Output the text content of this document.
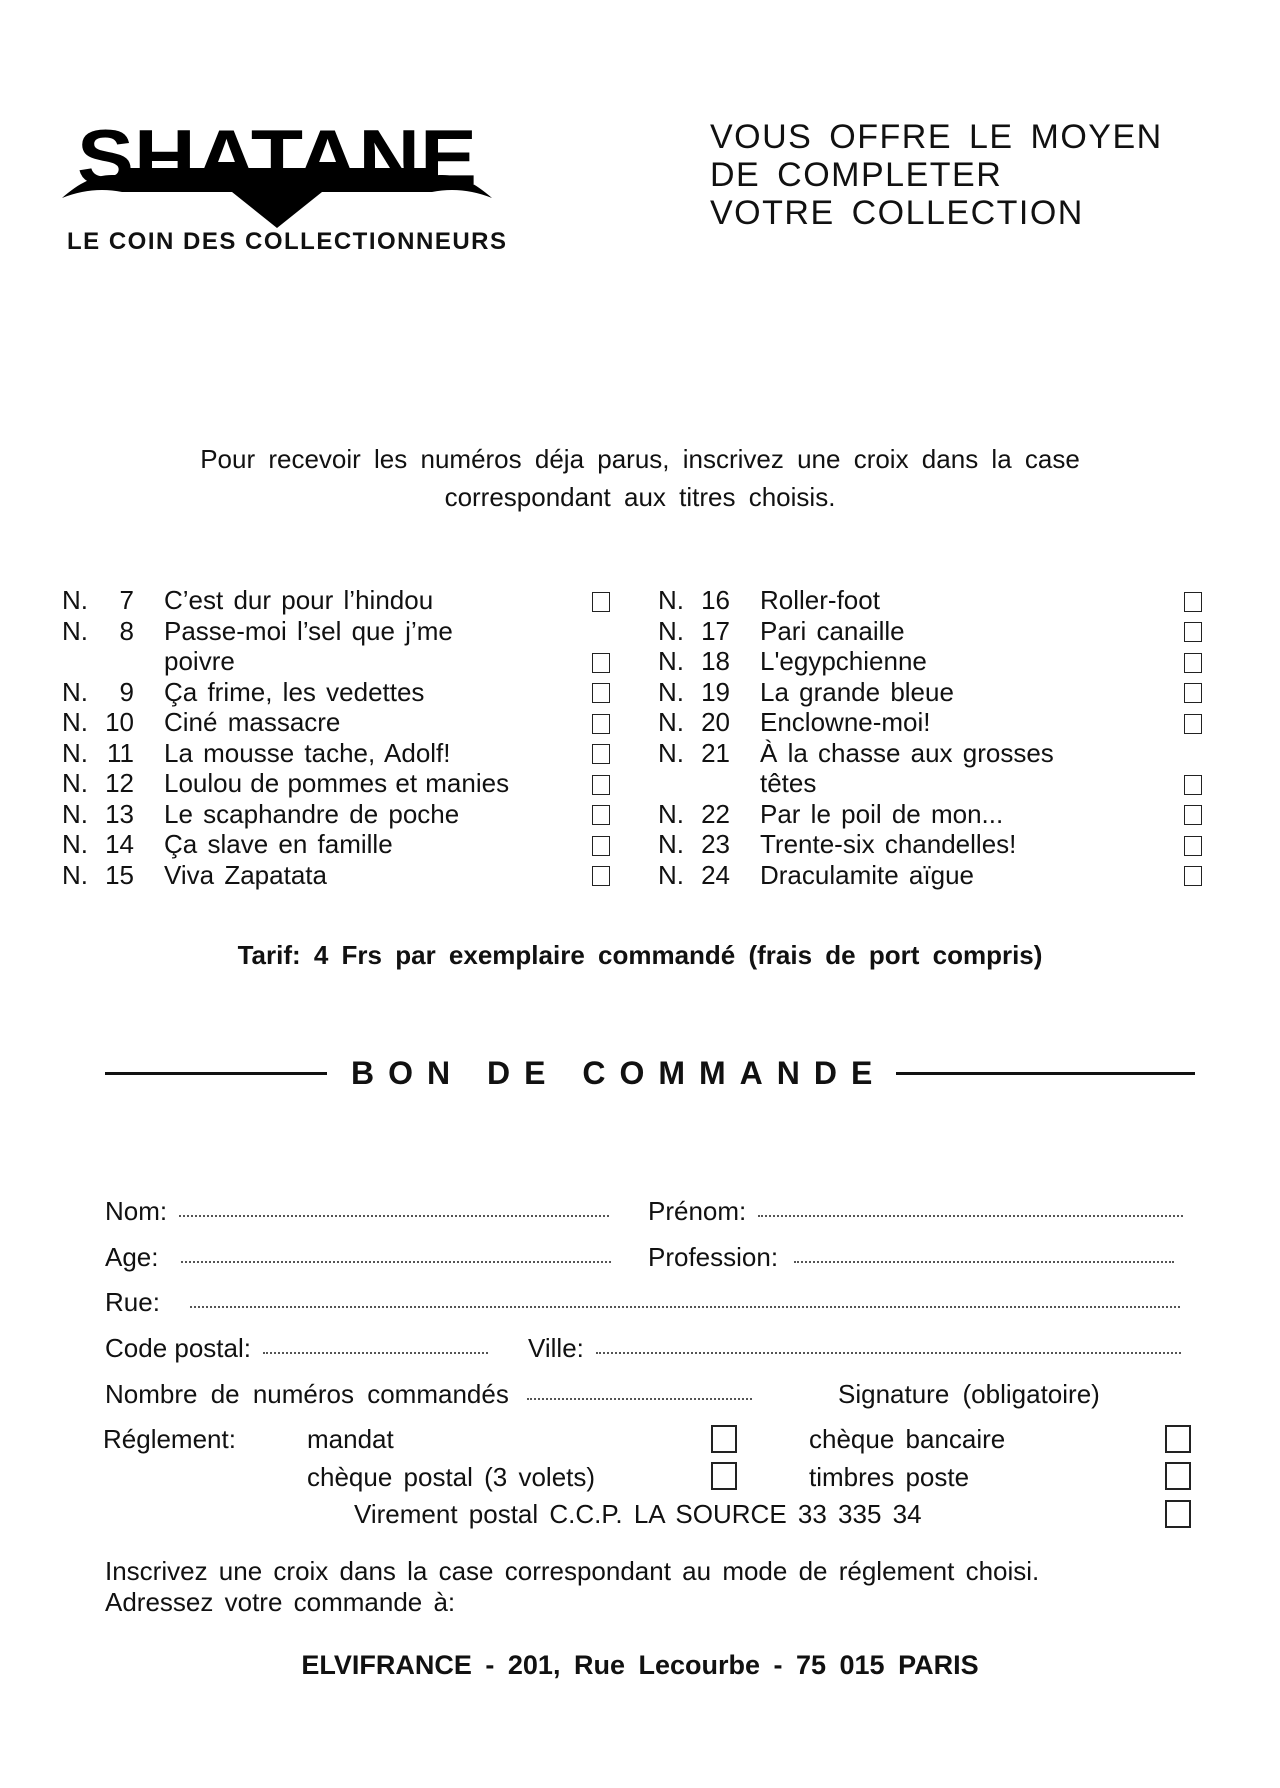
SHATANE
LE COIN DES COLLECTIONNEURS
VOUS OFFRE LE MOYEN
DE COMPLETER
VOTRE COLLECTION
Pour recevoir les numéros déja parus, inscrivez une croix dans la case
correspondant aux titres choisis.
N.	7 C’est dur pour l’hindou
N.	8 Passe-moi l’sel que j’me poivre
N.	9 Ça frime, les vedettes
N. 10 Ciné massacre
N. 11 La mousse tache, Adolf!
N. 12 Loulou de pommes et manies
N. 13 Le scaphandre de poche
N. 14 Ça slave en famille
N. 15 Viva Zapatata
N. 16 Roller-foot
N. 17 Pari canaille
N. 18 L'egypchienne
N. 19 La grande bleue
N. 20 Enclowne-moi!
N. 21 À la chasse aux grosses têtes
N. 22 Par le poil de mon...
N. 23 Trente-six chandelles!
N. 24 Draculamite aïgue
Tarif: 4 Frs par exemplaire commandé (frais de port compris)
BON DE COMMANDE
Nom:	Prénom:
Age:	Profession:
Rue:
Code postal:	Ville:
Nombre de numéros commandés	Signature (obligatoire)
Réglement:	mandat	chèque bancaire
chèque postal (3 volets)	timbres poste
Virement postal C.C.P. LA SOURCE 33 335 34
Inscrivez une croix dans la case correspondant au mode de réglement choisi.
Adressez votre commande à:
ELVIFRANCE - 201, Rue Lecourbe - 75 015 PARIS
